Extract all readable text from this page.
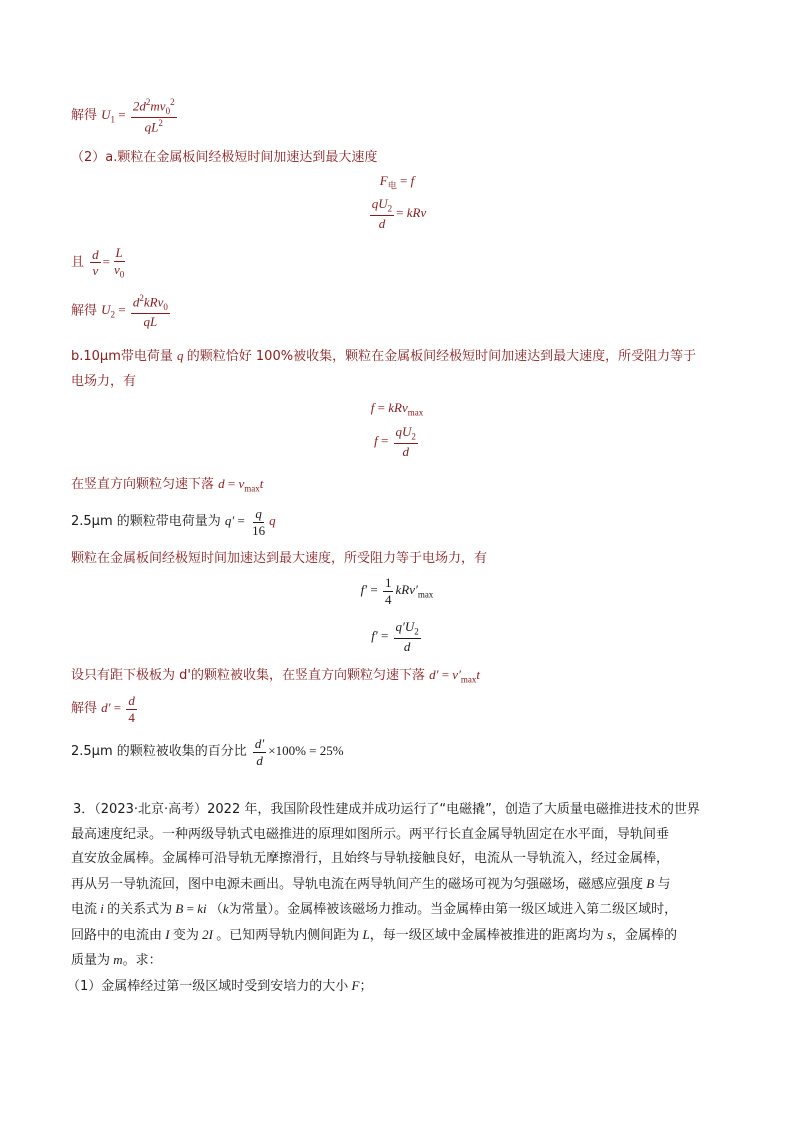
解得 $U_1 = \frac{2d^2mv_0^2}{qL^2}$
（2）a.颗粒在金属板间经极短时间加速达到最大速度
$F_电 = f$
$\frac{qU_2}{d}$ = kRv
且 $\frac{d}{v} = \frac{L}{v_0}$
解得 $U_2 = \frac{d^2kRv_0}{qL}$
b.10μm带电荷量 q 的颗粒恰好 100%被收集，颗粒在金属板间经极短时间加速达到最大速度，所受阻力等于
电场力，有
f = kRv$_{max}$
$f = \frac{qU_2}{d}$
在竖直方向颗粒匀速下落 $d = v_{max}t$
2.5μm 的颗粒带电荷量为 $q' = \frac{q}{16}$ q
颗粒在金属板间经极短时间加速达到最大速度，所受阻力等于电场力，有
$f' = \frac{1}{4} kRv'_{max}$
$f' = \frac{q'U_2}{d}$
设只有距下极板为 d'的颗粒被收集，在竖直方向颗粒匀速下落 $d' = v'_{max}t$
解得 $d' = \frac{d}{4}$
2.5μm 的颗粒被收集的百分比 $\frac{d'}{d} \times 100\% = 25\%$
3．（2023·北京·高考）2022 年，我国阶段性建成并成功运行了“电磁撬”，创造了大质量电磁推进技术的世界
最高速度纪录。一种两级导轨式电磁推进的原理如图所示。两平行长直金属导轨固定在水平面，导轨间垂
直安放金属棒。金属棒可沿导轨无摩擦滑行，且始终与导轨接触良好，电流从一导轨流入，经过金属棒，
再从另一导轨流回，图中电源未画出。导轨电流在两导轨间产生的磁场可视为匀强磁场，磁感应强度 B 与
电流 i 的关系式为 B = ki （k为常量）。金属棒被该磁场力推动。当金属棒由第一级区域进入第二级区域时，
回路中的电流由 I 变为 2I 。已知两导轨内侧间距为 L，每一级区域中金属棒被推进的距离均为 s，金属棒的
质量为 m。求：
（1）金属棒经过第一级区域时受到安培力的大小 F；
